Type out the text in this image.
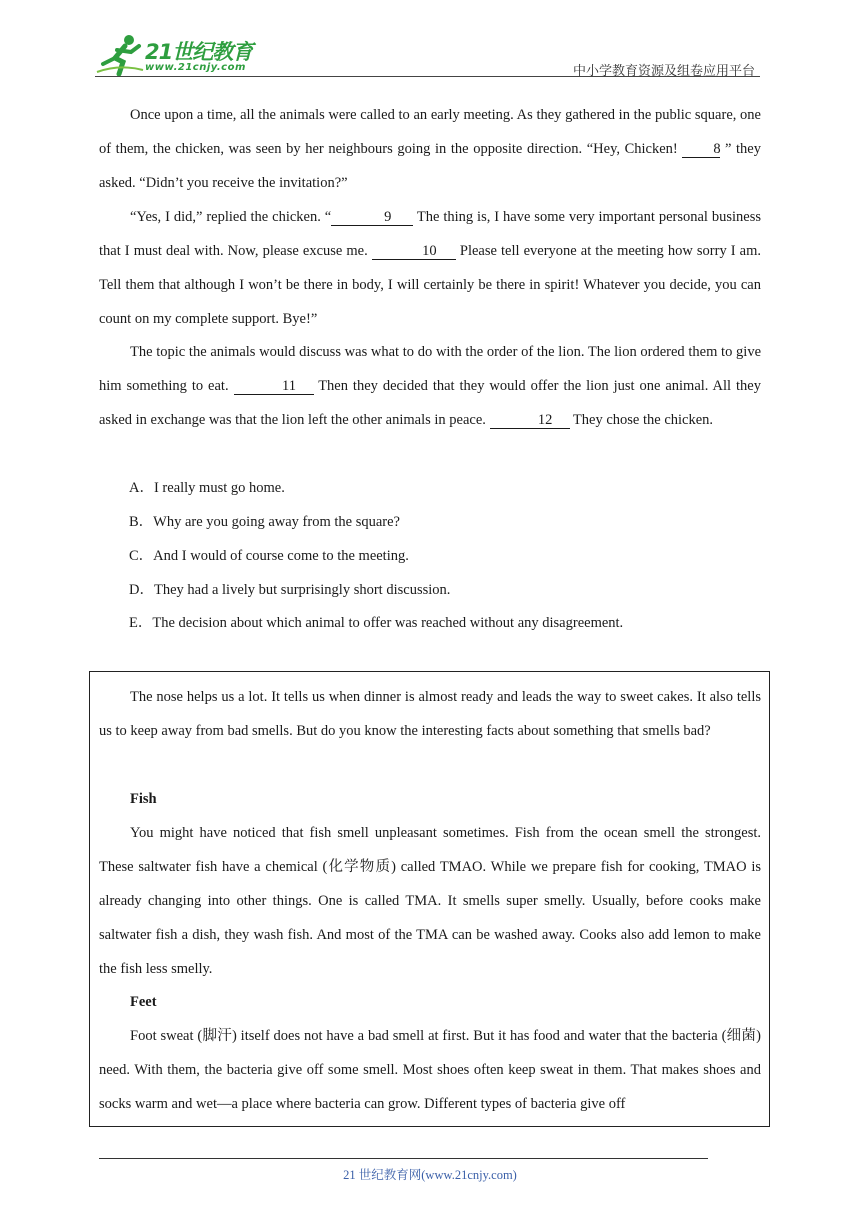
21世纪教育
www.21cnjy.com	中小学教育资源及组卷应用平台
Once upon a time, all the animals were called to an early meeting. As they gathered in the public square, one of them, the chicken, was seen by her neighbours going in the opposite direction. “Hey, Chicken! 8 ” they asked. “Didn’t you receive the invitation?”
“Yes, I did,” replied the chicken. “	9 The thing is, I have some very important personal business that I must deal with. Now, please excuse me.	10 Please tell everyone at the meeting how sorry I am. Tell them that although I won’t be there in body, I will certainly be there in spirit! Whatever you decide, you can count on my complete support. Bye!”
The topic the animals would discuss was what to do with the order of the lion. The lion ordered them to give him something to eat.	11 Then they decided that they would offer the lion just one animal. All they asked in exchange was that the lion left the other animals in peace.	12 They chose the chicken.
A．I really must go home.
B．Why are you going away from the square?
C．And I would of course come to the meeting.
D．They had a lively but surprisingly short discussion.
E．The decision about which animal to offer was reached without any disagreement.
The nose helps us a lot. It tells us when dinner is almost ready and leads the way to sweet cakes. It also tells us to keep away from bad smells. But do you know the interesting facts about something that smells bad?
Fish
You might have noticed that fish smell unpleasant sometimes. Fish from the ocean smell the strongest. These saltwater fish have a chemical (化学物质) called TMAO. While we prepare fish for cooking, TMAO is already changing into other things. One is called TMA. It smells super smelly. Usually, before cooks make saltwater fish a dish, they wash fish. And most of the TMA can be washed away. Cooks also add lemon to make the fish less smelly.
Feet
Foot sweat (脚汗) itself does not have a bad smell at first. But it has food and water that the bacteria (细菌) need. With them, the bacteria give off some smell. Most shoes often keep sweat in them. That makes shoes and socks warm and wet—a place where bacteria can grow. Different types of bacteria give off
21 世纪教育网(www.21cnjy.com)
